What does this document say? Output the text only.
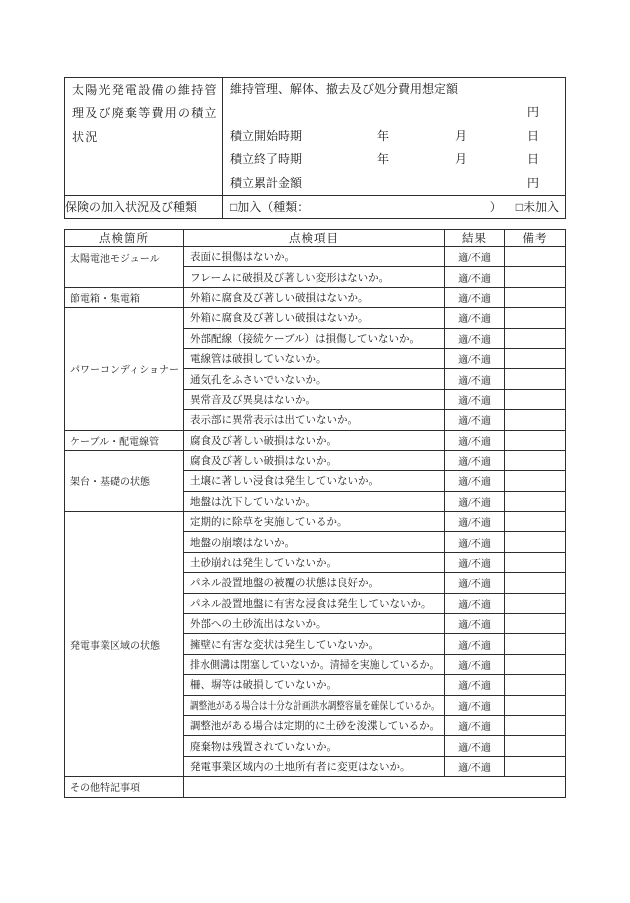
太陽光発電設備の維持管理及び廃棄等費用の積立状況

維持管理、解体、撤去及び処分費用想定額
円
積立開始時期	年	月	日
積立終了時期	年	月	日
積立累計金額	円

保険の加入状況及び種類	□加入（種類： ） □未加入
点検箇所	点検項目	結果	備考
太陽電池モジュール	表面に損傷はないか。	適/不適	
	フレームに破損及び著しい変形はないか。	適/不適	
節電箱・集電箱	外箱に腐食及び著しい破損はないか。	適/不適	
パワーコンディショナー	外箱に腐食及び著しい破損はないか。	適/不適	
	外部配線（接続ケーブル）は損傷していないか。	適/不適	
	電線管は破損していないか。	適/不適	
	通気孔をふさいでいないか。	適/不適	
	異常音及び異臭はないか。	適/不適	
	表示部に異常表示は出ていないか。	適/不適	
ケーブル・配電線管	腐食及び著しい破損はないか。	適/不適	
架台・基礎の状態	腐食及び著しい破損はないか。	適/不適	
	土壌に著しい浸食は発生していないか。	適/不適	
	地盤は沈下していないか。	適/不適	
発電事業区域の状態	定期的に除草を実施しているか。	適/不適	
	地盤の崩壊はないか。	適/不適	
	土砂崩れは発生していないか。	適/不適	
	パネル設置地盤の被覆の状態は良好か。	適/不適	
	パネル設置地盤に有害な浸食は発生していないか。	適/不適	
	外部への土砂流出はないか。	適/不適	
	擁壁に有害な変状は発生していないか。	適/不適	
	排水側溝は閉塞していないか。清掃を実施しているか。	適/不適	
	柵、塀等は破損していないか。	適/不適	
	調整池がある場合は十分な計画洪水調整容量を確保しているか。	適/不適	
	調整池がある場合は定期的に土砂を浚渫しているか。	適/不適	
	廃棄物は残置されていないか。	適/不適	
	発電事業区域内の土地所有者に変更はないか。	適/不適	
その他特記事項			
